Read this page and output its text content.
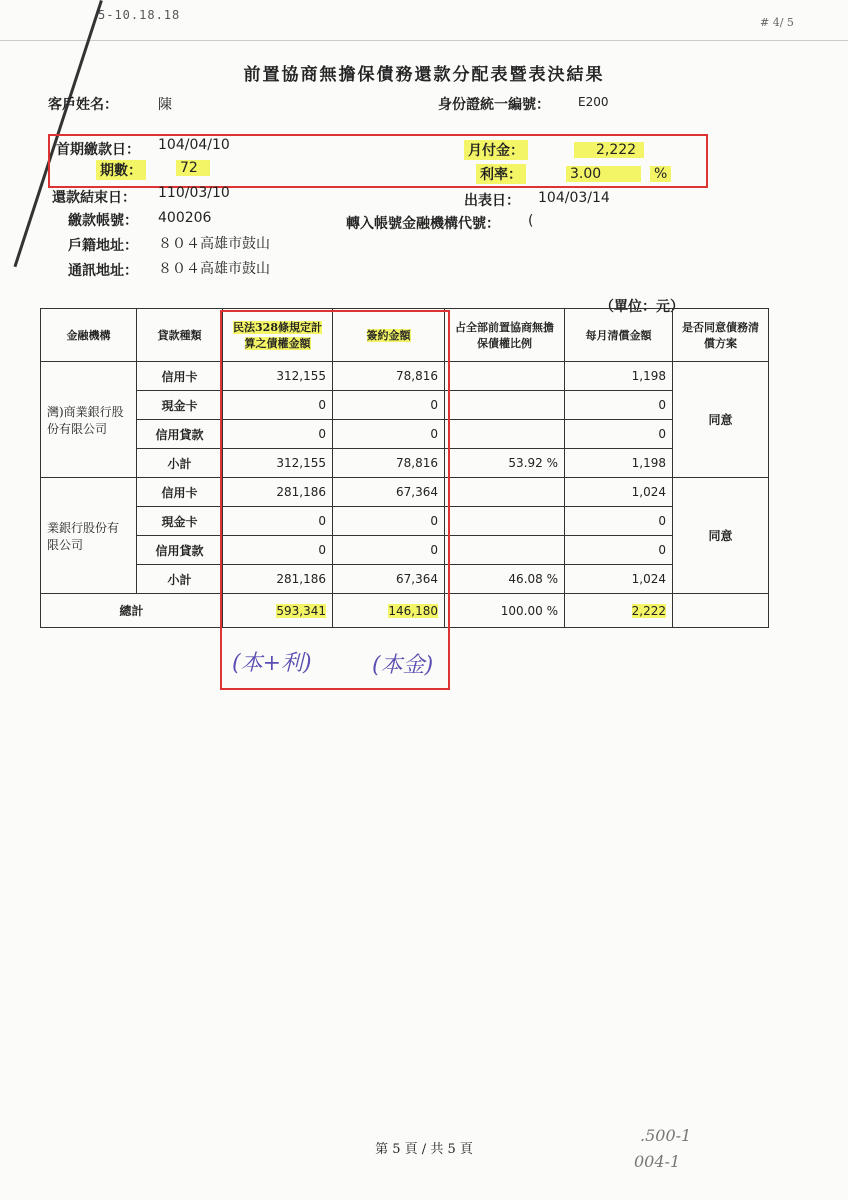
5-10.18.18
# 4/ 5
前置協商無擔保債務還款分配表暨表決結果
客戶姓名：	陳	身份證統一編號： E200
首期繳款日： 104/04/10	月付金：	2,222
期數：	72	利率：	3.00	%
還款結束日： 110/03/10	出表日： 104/03/14
繳款帳號： 400206	轉入帳號金融機構代號： (
戶籍地址： ８０４高雄市鼓山
通訊地址： ８０４高雄市鼓山
（單位：元）
金融機構	貸款種類	民法328條規定計算之債權金額	簽約金額	占全部前置協商無擔保債權比例	每月清償金額	是否同意債務清償方案
灣)商業銀行股份有限公司	信用卡	312,155	78,816		1,198	同意
	現金卡	0	0		0	
	信用貸款	0	0		0	
	小計	312,155	78,816	53.92 %	1,198	
業銀行股份有限公司	信用卡	281,186	67,364		1,024	同意
	現金卡	0	0		0	
	信用貸款	0	0		0	
	小計	281,186	67,364	46.08 %	1,024	
總計		593,341	146,180	100.00 %	2,222	
(本+利)	(本金)
第 5 頁 / 共 5 頁
.500-1
004-1
